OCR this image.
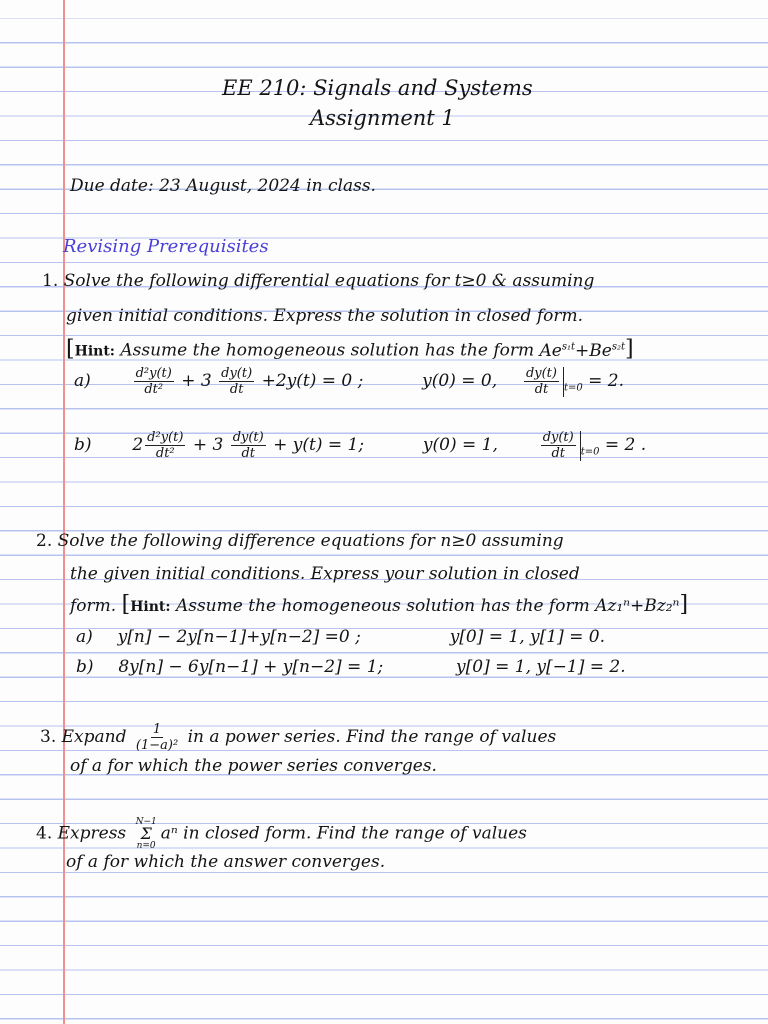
EE 210: Signals and Systems
Assignment 1
Due date: 23 August, 2024 in class.
Revising Prerequisites
1. Solve the following differential equations for t≥0 & assuming
given initial conditions. Express the solution in closed form.
[Hint: Assume the homogeneous solution has the form $Ae^{s_1t}+Be^{s_2t}$]
a)	$\frac{\text{d²y(t)}}{\text{dt²}} + 3 \frac{dy(t)}{dt} +2y(t) = 0$ ;	y(0) = 0, $\frac{dy(t)}{dt} _{t=0} = 2$.
b) $2 \frac{\text{d²y(t)}}{\text{dt²}} + 3 \frac{dy(t)}{dt} + y(t) = 1$;	y(0) = 1,	$\frac{dy(t)}{dt} _{t=0} = 2$ .
2. Solve the following difference equations for n≥0 assuming
the given initial conditions. Express your solution in closed
form. [Hint: Assume the homogeneous solution has the form Az₁ⁿ+Bz₂ⁿ]
a) y[n] − 2y[n−1]+y[n−2] =0 ;	y[0] = 1, y[1] = 0.
b) 8y[n] − 6y[n−1] + y[n−2] = 1;	y[0] = 1, y[−1] = 2.
3. Expand $\frac{1}{\text{(1−a)²}}$ in a power series. Find the range of values
of a for which the power series converges.
4. Express
N−1
Σ
n=0
aⁿ in closed form. Find the range of values
of a for which the answer converges.
